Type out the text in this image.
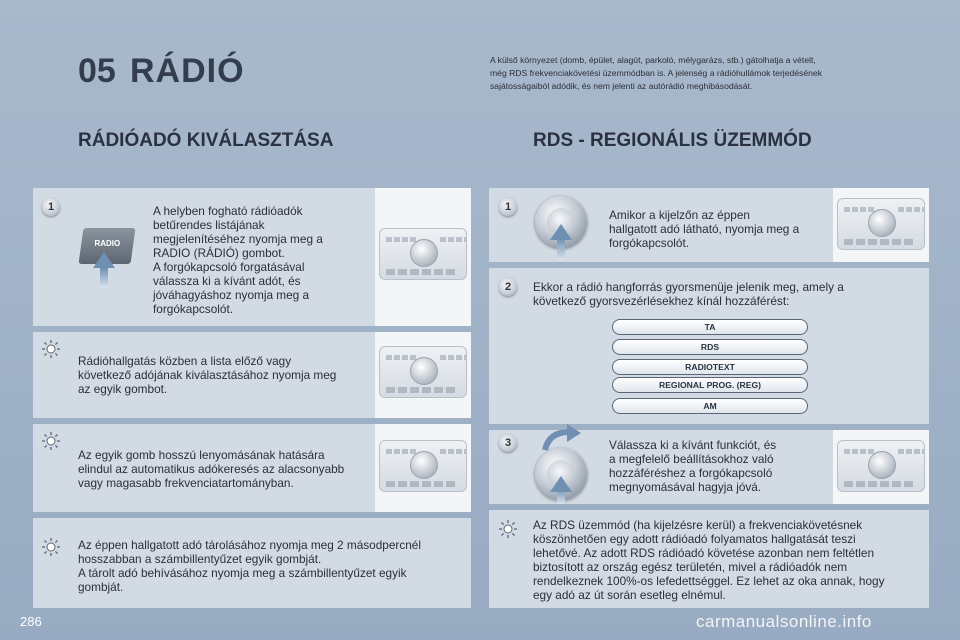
05 RÁDIÓ	A külső környezet (domb, épület, alagút, parkoló, mélygarázs, stb.) gátolhatja a vételt,
még RDS frekvenciakövetési üzemmódban is. A jelenség a rádióhullámok terjedésének
sajátosságaiból adódik, és nem jelenti az autórádió meghibásodását.
RÁDIÓADÓ KIVÁLASZTÁSA	RDS - REGIONÁLIS ÜZEMMÓD
1
RADIO
A helyben fogható rádióadók
betűrendes listájának
megjelenítéséhez nyomja meg a
RADIO (RÁDIÓ) gombot.
A forgókapcsoló forgatásával
válassza ki a kívánt adót, és
jóváhagyáshoz nyomja meg a
forgókapcsolót.
Rádióhallgatás közben a lista előző vagy
következő adójának kiválasztásához nyomja meg
az egyik gombot.
Az egyik gomb hosszú lenyomásának hatására
elindul az automatikus adókeresés az alacsonyabb
vagy magasabb frekvenciatartományban.
Az éppen hallgatott adó tárolásához nyomja meg 2 másodpercnél
hosszabban a számbillentyűzet egyik gombját.
A tárolt adó behívásához nyomja meg a számbillentyűzet egyik
gombját.
1
Amikor a kijelzőn az éppen
hallgatott adó látható, nyomja meg a
forgókapcsolót.
2	Ekkor a rádió hangforrás gyorsmenüje jelenik meg, amely a
következő gyorsvezérlésekhez kínál hozzáférést:
TA
RDS
RADIOTEXT
REGIONAL PROG. (REG)
AM
3	Válassza ki a kívánt funkciót, és
a megfelelő beállításokhoz való
hozzáféréshez a forgókapcsoló
megnyomásával hagyja jóvá.
Az RDS üzemmód (ha kijelzésre kerül) a frekvenciakövetésnek
köszönhetően egy adott rádióadó folyamatos hallgatását teszi
lehetővé. Az adott RDS rádióadó követése azonban nem feltétlen
biztosított az ország egész területén, mivel a rádióadók nem
rendelkeznek 100%-os lefedettséggel. Ez lehet az oka annak, hogy
egy adó az út során esetleg elnémul.
286	carmanualsonline.info
